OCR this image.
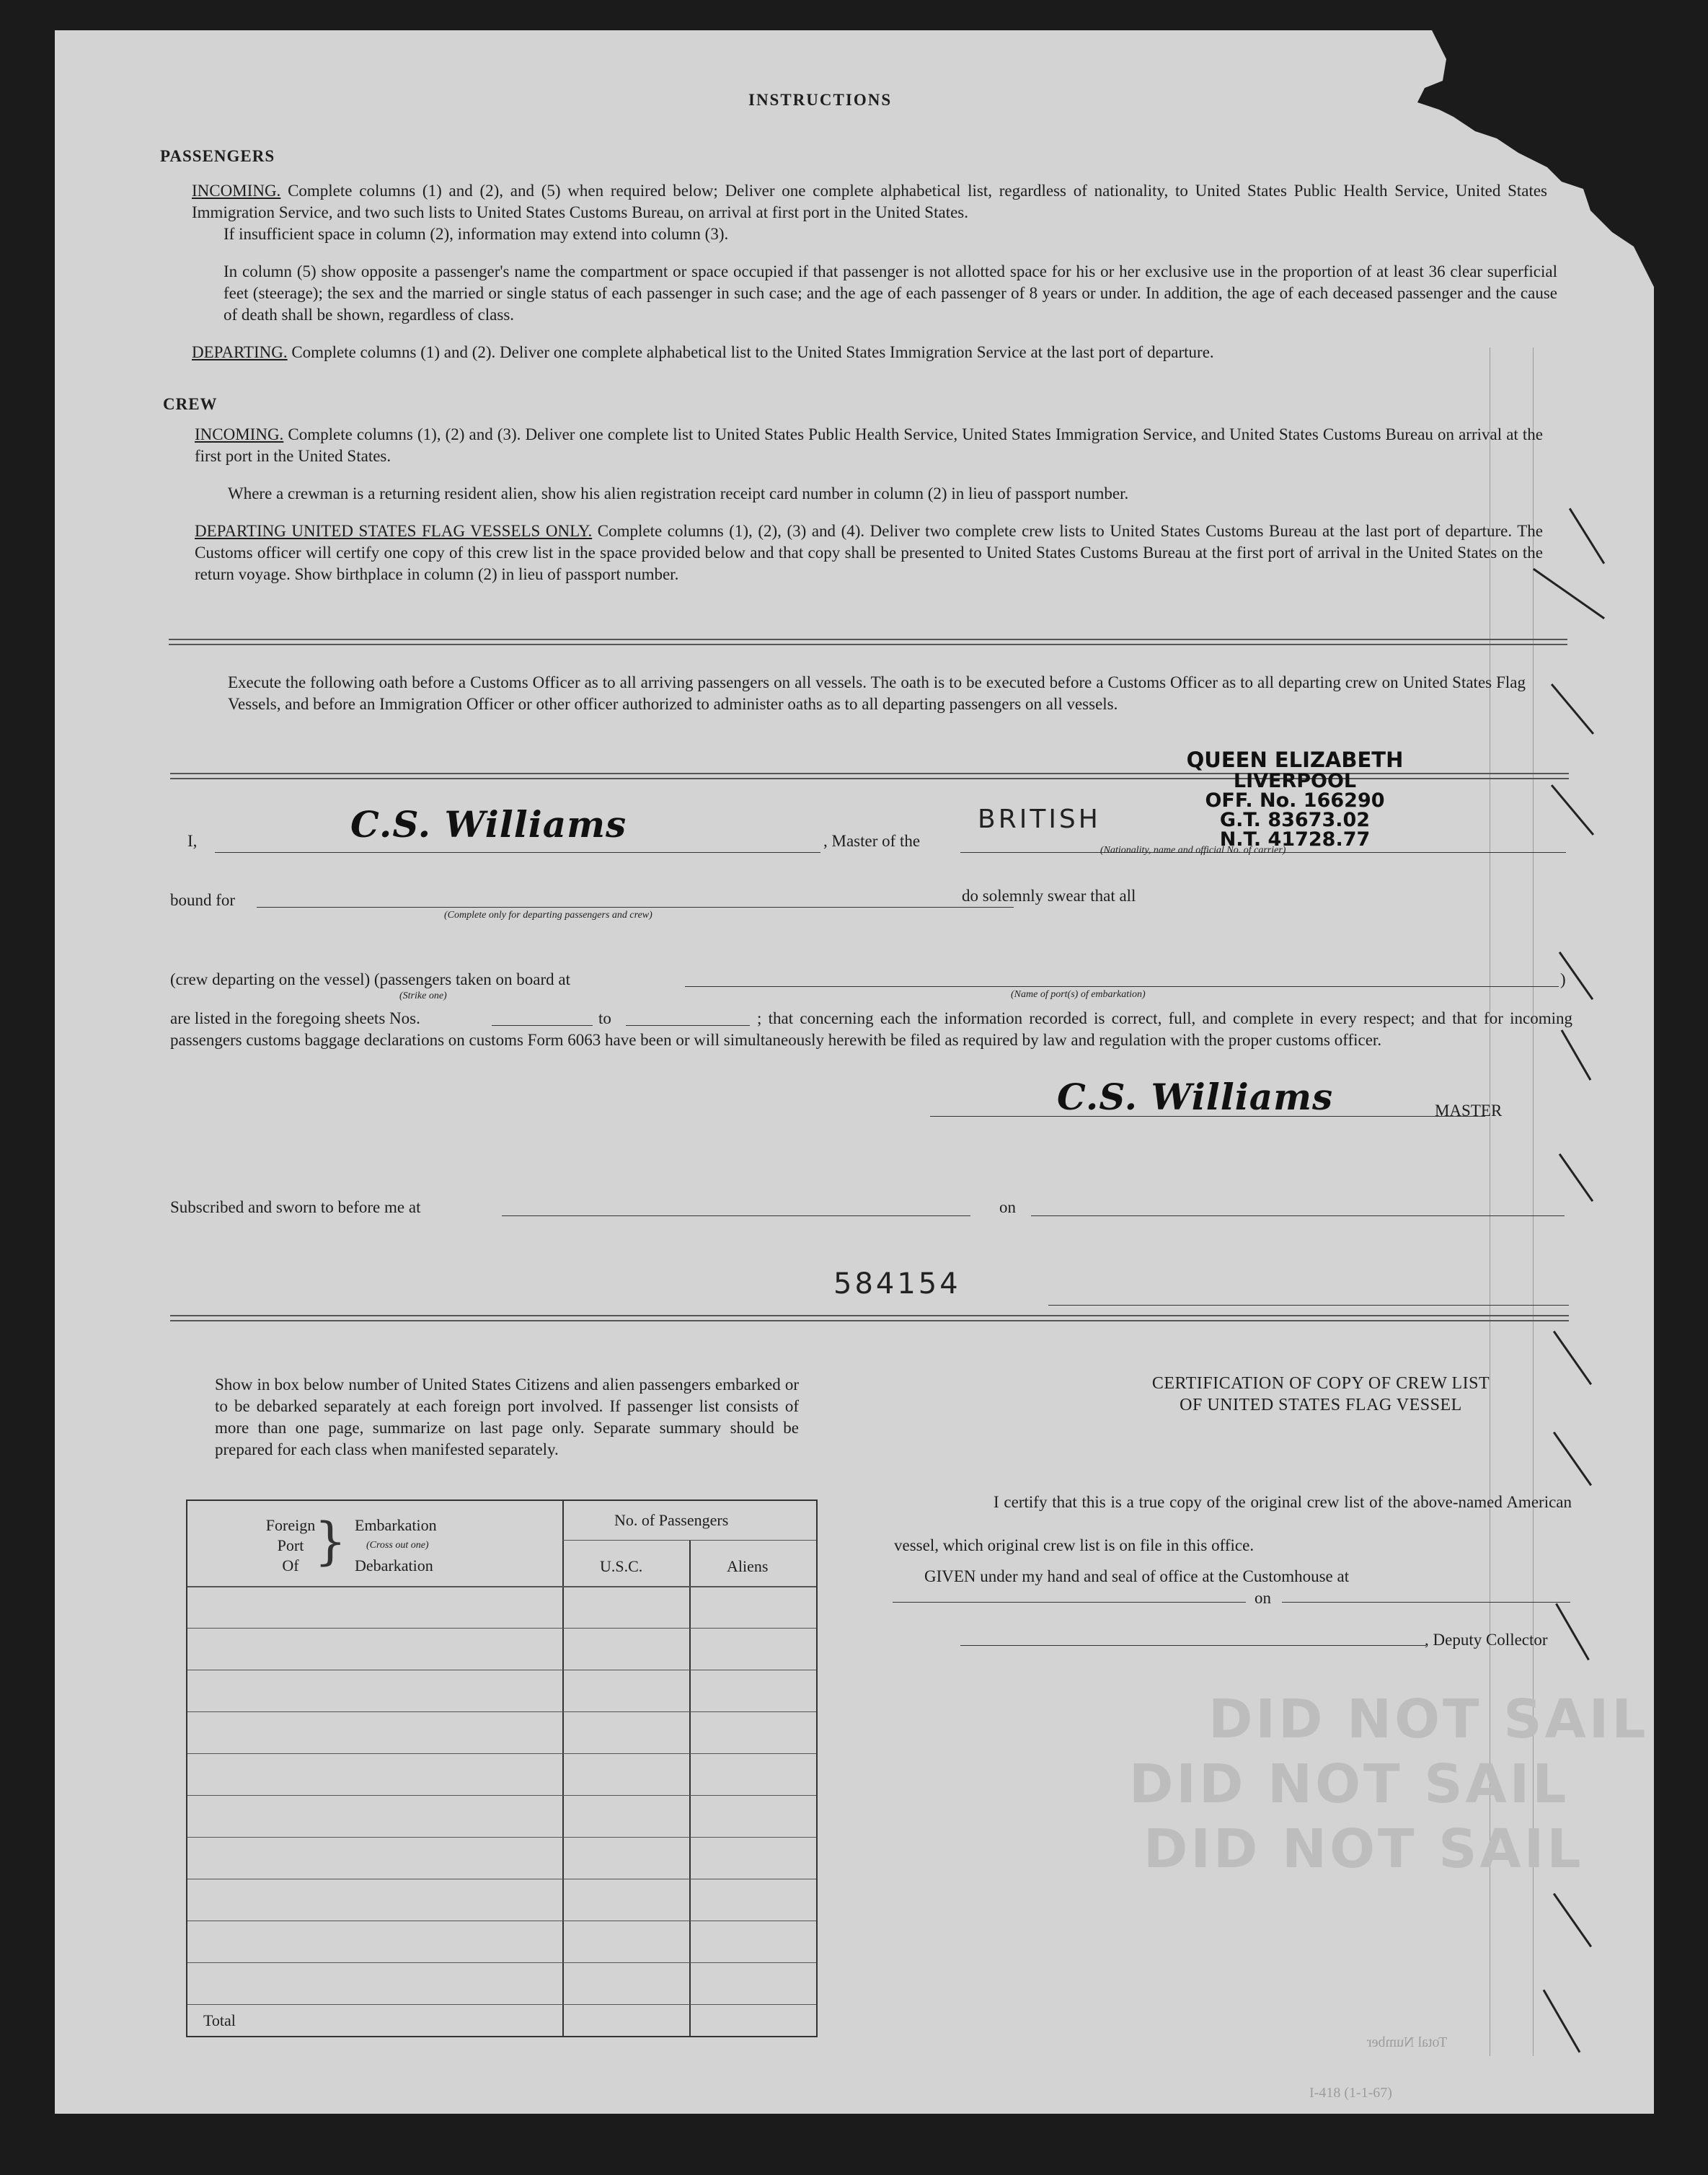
INSTRUCTIONS
PASSENGERS
INCOMING. Complete columns (1) and (2), and (5) when required below; Deliver one complete alphabetical list, regardless of nationality, to United States Public Health Service, United States Immigration Service, and two such lists to United States Customs Bureau, on arrival at first port in the United States.
If insufficient space in column (2), information may extend into column (3).
In column (5) show opposite a passenger's name the compartment or space occupied if that passenger is not allotted space for his or her exclusive use in the proportion of at least 36 clear superficial feet (steerage); the sex and the married or single status of each passenger in such case; and the age of each passenger of 8 years or under. In addition, the age of each deceased passenger and the cause of death shall be shown, regardless of class.
DEPARTING. Complete columns (1) and (2). Deliver one complete alphabetical list to the United States Immigration Service at the last port of departure.
CREW
INCOMING. Complete columns (1), (2) and (3). Deliver one complete list to United States Public Health Service, United States Immigration Service, and United States Customs Bureau on arrival at the first port in the United States.
Where a crewman is a returning resident alien, show his alien registration receipt card number in column (2) in lieu of passport number.
DEPARTING UNITED STATES FLAG VESSELS ONLY. Complete columns (1), (2), (3) and (4). Deliver two complete crew lists to United States Customs Bureau at the last port of departure. The Customs officer will certify one copy of this crew list in the space provided below and that copy shall be presented to United States Customs Bureau at the first port of arrival in the United States on the return voyage. Show birthplace in column (2) in lieu of passport number.
Execute the following oath before a Customs Officer as to all arriving passengers on all vessels. The oath is to be executed before a Customs Officer as to all departing crew on United States Flag Vessels, and before an Immigration Officer or other officer authorized to administer oaths as to all departing passengers on all vessels.
QUEEN ELIZABETH
LIVERPOOL
OFF. No. 166290
G.T. 83673.02
N.T. 41728.77
I,	C.S. Williams	, Master of the
BRITISH
(Nationality, name and official No. of carrier)
bound for
(Complete only for departing passengers and crew)
do solemnly swear that all
(crew departing on the vessel) (passengers taken on board at
(Strike one)	(Name of port(s) of embarkation)
)
are listed in the foregoing sheets Nos.	to	; that concerning each the information recorded is correct, full, and complete in every respect; and that for incoming passengers customs baggage declarations on customs Form 6063 have been or will simultaneously herewith be filed as required by law and regulation with the proper customs officer.
C.S. Williams	MASTER
Subscribed and sworn to before me at	on
584154
Show in box below number of United States Citizens and alien passengers embarked or to be debarked separately at each foreign port involved. If passenger list consists of more than one page, summarize on last page only. Separate summary should be prepared for each class when manifested separately.
Foreign
Port
Of } Embarkation
(Cross out one)
Debarkation
No. of Passengers
U.S.C.	Aliens
Total
CERTIFICATION OF COPY OF CREW LIST
OF UNITED STATES FLAG VESSEL
I certify that this is a true copy of the original crew list of the above-named American vessel, which original crew list is on file in this office.
GIVEN under my hand and seal of office at the Customhouse at
on
, Deputy Collector
DID NOT SAIL
DID NOT SAIL
DID NOT SAIL
Total Number
I-418 (1-1-67)
